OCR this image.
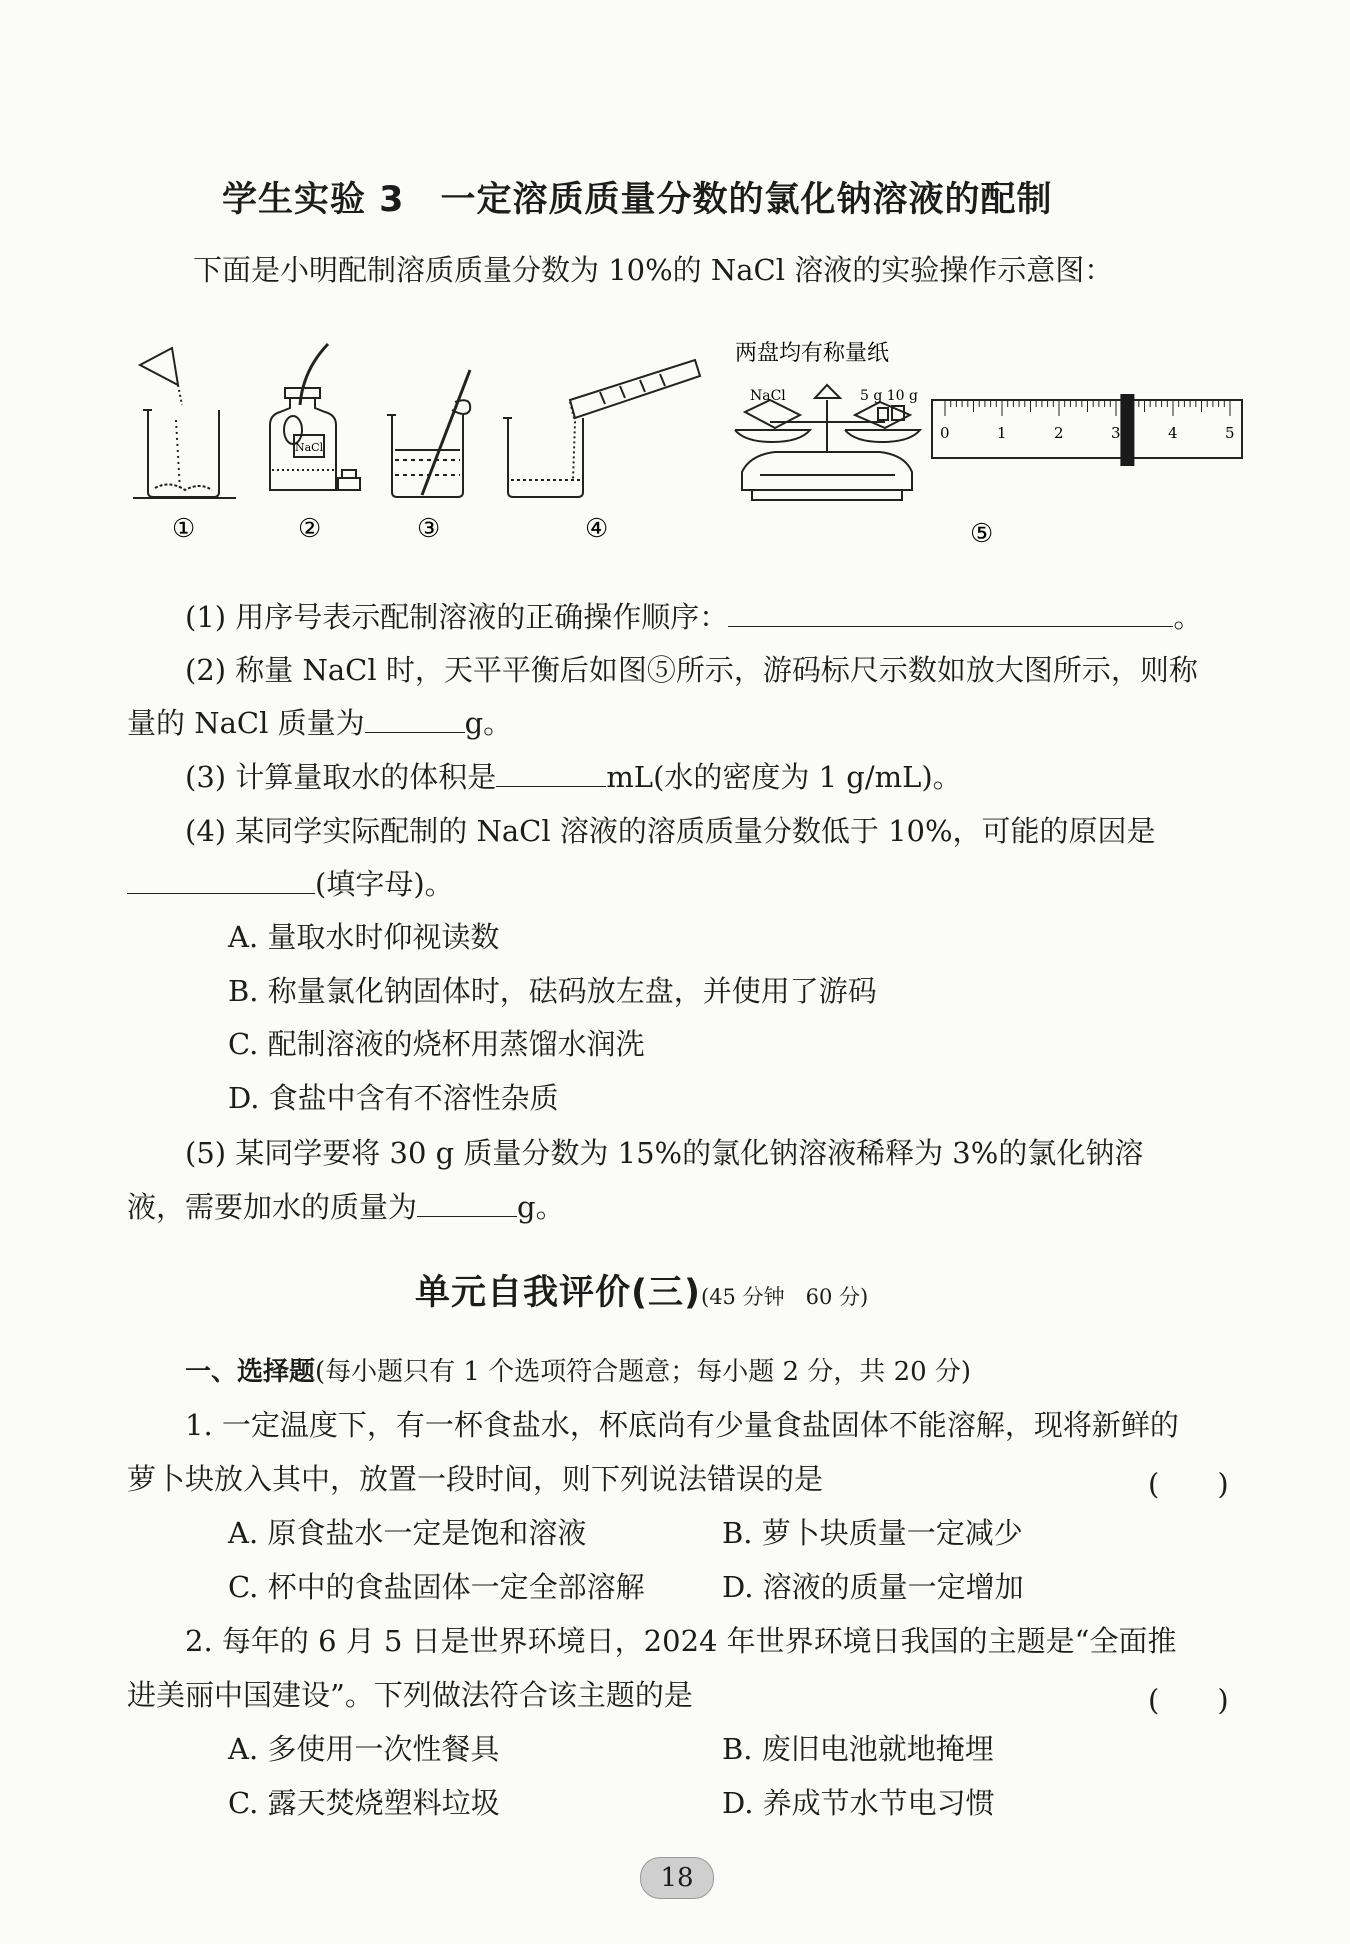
学生实验 3　一定溶质质量分数的氯化钠溶液的配制
下面是小明配制溶质质量分数为 10%的 NaCl 溶液的实验操作示意图：
0	1	2	3	4	5
NaCl
NaCl	5 g 10 g
两盘均有称量纸
①	②	③	④	⑤
(1) 用序号表示配制溶液的正确操作顺序：	。
(2) 称量 NaCl 时，天平平衡后如图⑤所示，游码标尺示数如放大图所示，则称
量的 NaCl 质量为	g。
(3) 计算量取水的体积是	mL(水的密度为 1 g/mL)。
(4) 某同学实际配制的 NaCl 溶液的溶质质量分数低于 10%，可能的原因是
(填字母)。
A. 量取水时仰视读数
B. 称量氯化钠固体时，砝码放左盘，并使用了游码
C. 配制溶液的烧杯用蒸馏水润洗
D. 食盐中含有不溶性杂质
(5) 某同学要将 30 g 质量分数为 15%的氯化钠溶液稀释为 3%的氯化钠溶
液，需要加水的质量为	g。
单元自我评价(三)(45 分钟　60 分)
一、选择题(每小题只有 1 个选项符合题意；每小题 2 分，共 20 分)
1. 一定温度下，有一杯食盐水，杯底尚有少量食盐固体不能溶解，现将新鲜的
萝卜块放入其中，放置一段时间，则下列说法错误的是	(　　)
A. 原食盐水一定是饱和溶液	B. 萝卜块质量一定减少
C. 杯中的食盐固体一定全部溶解	D. 溶液的质量一定增加
2. 每年的 6 月 5 日是世界环境日，2024 年世界环境日我国的主题是“全面推
进美丽中国建设”。下列做法符合该主题的是	(　　)
A. 多使用一次性餐具	B. 废旧电池就地掩埋
C. 露天焚烧塑料垃圾	D. 养成节水节电习惯
18
